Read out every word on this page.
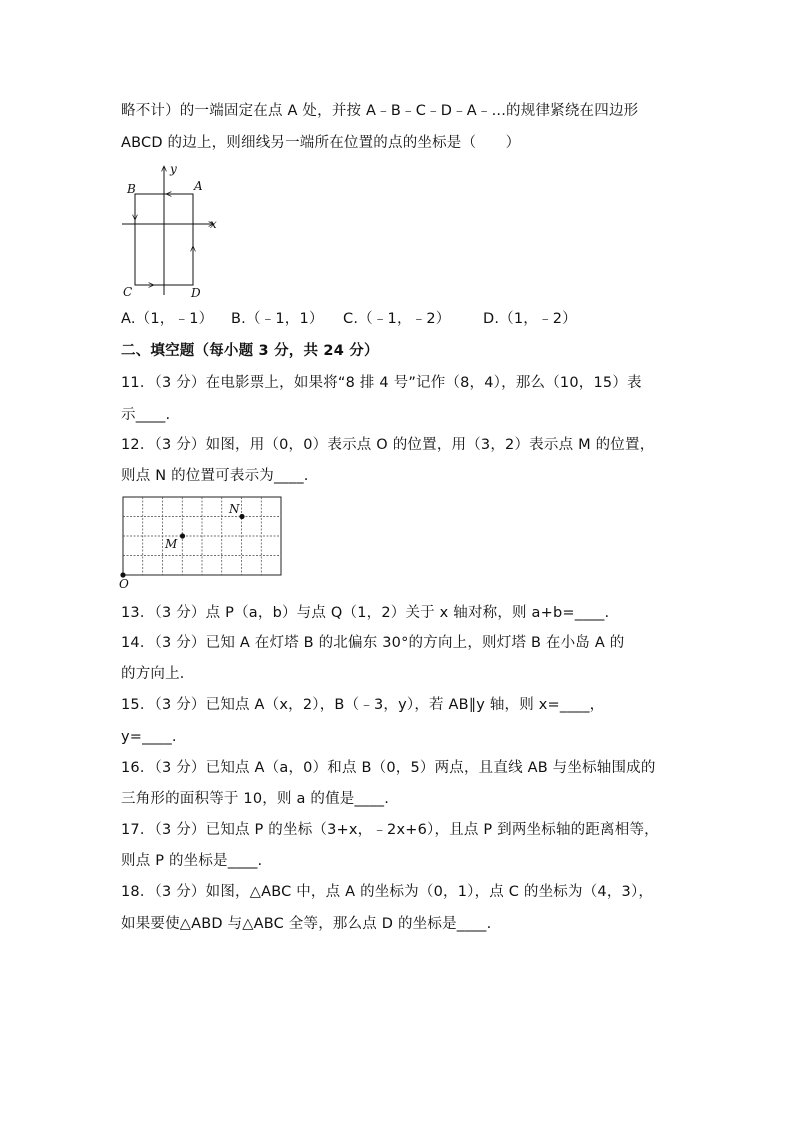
略不计）的一端固定在点 A 处，并按 A﹣B﹣C﹣D﹣A﹣...的规律紧绕在四边形
ABCD 的边上，则细线另一端所在位置的点的坐标是（　　）
y
x
A
B
C	D
A.（1，﹣1） B.（﹣1，1） C.（﹣1，﹣2） D.（1，﹣2）
二、填空题（每小题 3 分，共 24 分）
11．（3 分）在电影票上，如果将“8 排 4 号”记作（8，4），那么（10，15）表
示____.
12．（3 分）如图，用（0，0）表示点 O 的位置，用（3，2）表示点 M 的位置，
则点 N 的位置可表示为____.
N
M
O
13．（3 分）点 P（a，b）与点 Q（1，2）关于 x 轴对称，则 a+b=____.
14．（3 分）已知 A 在灯塔 B 的北偏东 30°的方向上，则灯塔 B 在小岛 A 的
的方向上．
15．（3 分）已知点 A（x，2），B（﹣3，y），若 AB∥y 轴，则 x=____，
y=____.
16．（3 分）已知点 A（a，0）和点 B（0，5）两点，且直线 AB 与坐标轴围成的
三角形的面积等于 10，则 a 的值是____.
17．（3 分）已知点 P 的坐标（3+x，﹣2x+6），且点 P 到两坐标轴的距离相等，
则点 P 的坐标是____.
18．（3 分）如图，△ABC 中，点 A 的坐标为（0，1），点 C 的坐标为（4，3），
如果要使△ABD 与△ABC 全等，那么点 D 的坐标是____.
